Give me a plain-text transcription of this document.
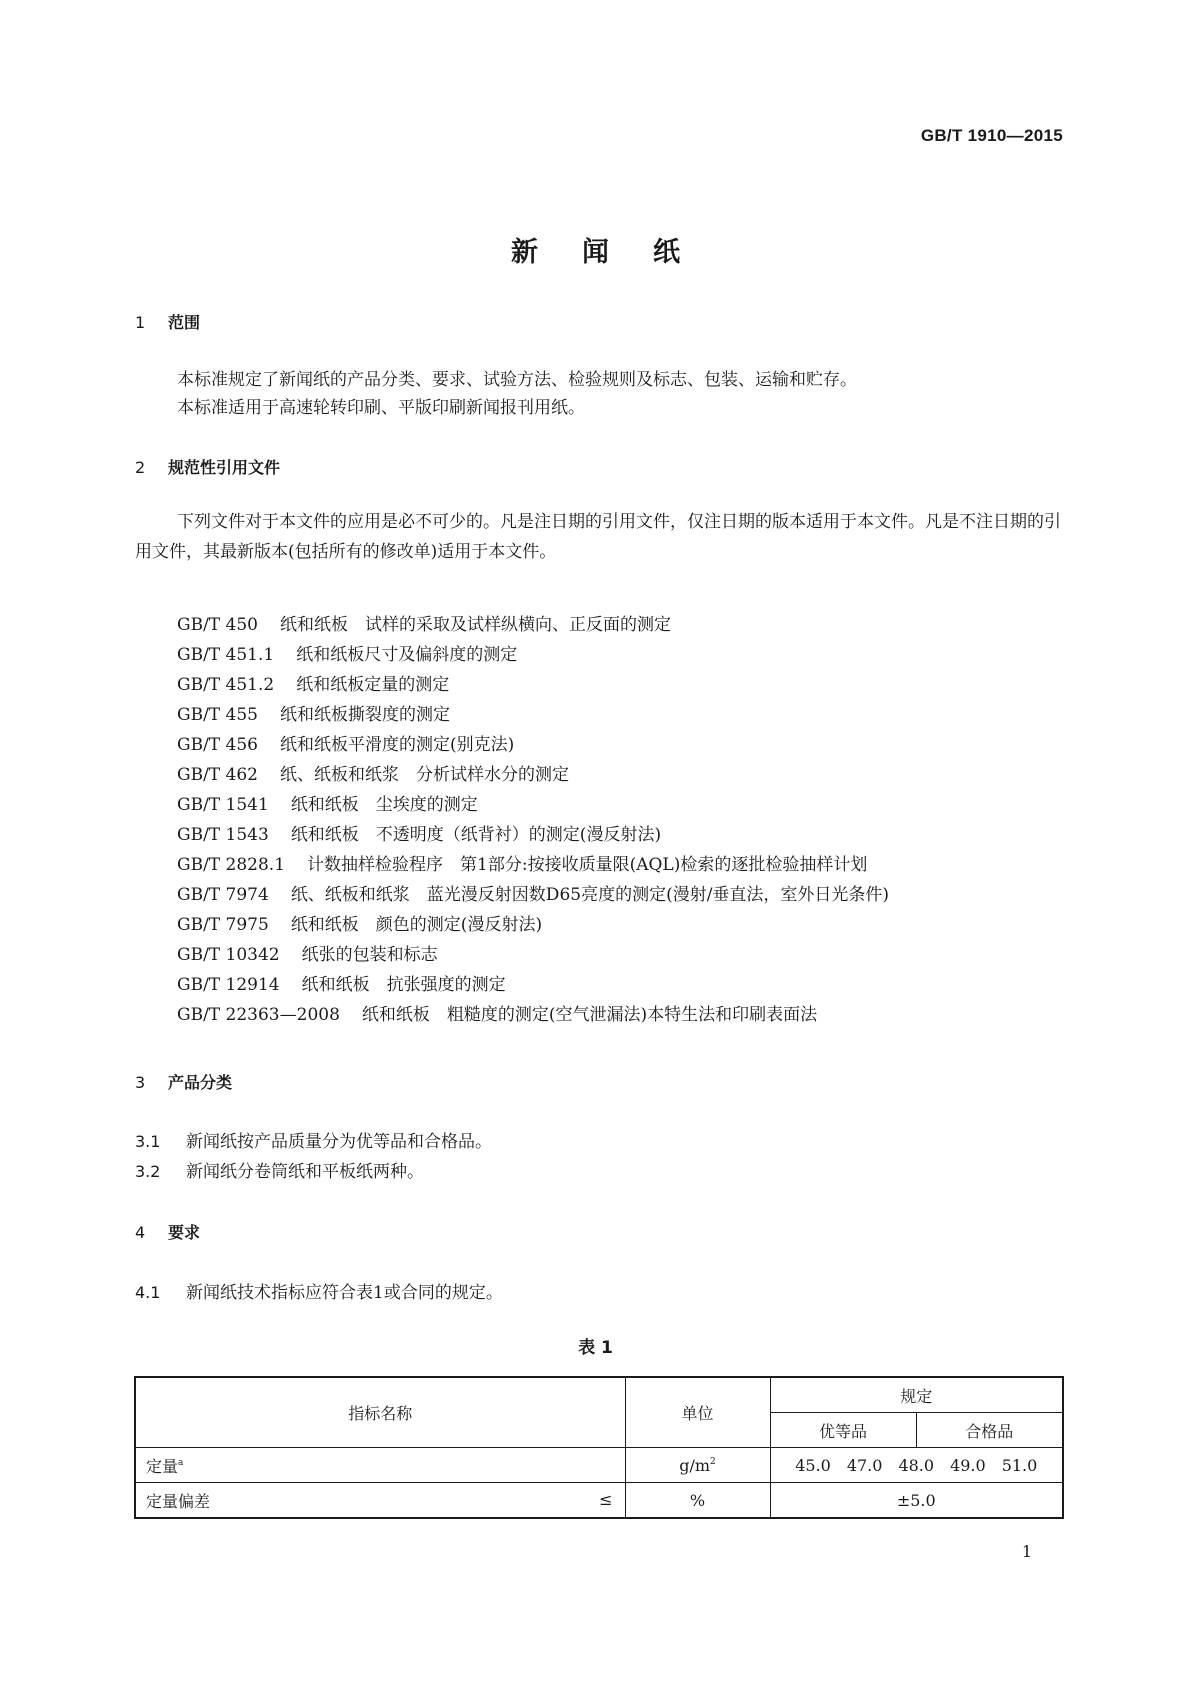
GB/T 1910—2015
新闻纸
1 范围
本标准规定了新闻纸的产品分类、要求、试验方法、检验规则及标志、包装、运输和贮存。
本标准适用于高速轮转印刷、平版印刷新闻报刊用纸。
2 规范性引用文件
下列文件对于本文件的应用是必不可少的。凡是注日期的引用文件，仅注日期的版本适用于本文件。凡是不注日期的引用文件，其最新版本(包括所有的修改单)适用于本文件。
GB/T 450 纸和纸板　试样的采取及试样纵横向、正反面的测定
GB/T 451.1 纸和纸板尺寸及偏斜度的测定
GB/T 451.2 纸和纸板定量的测定
GB/T 455 纸和纸板撕裂度的测定
GB/T 456 纸和纸板平滑度的测定(别克法)
GB/T 462 纸、纸板和纸浆　分析试样水分的测定
GB/T 1541 纸和纸板　尘埃度的测定
GB/T 1543 纸和纸板　不透明度（纸背衬）的测定(漫反射法)
GB/T 2828.1 计数抽样检验程序　第1部分:按接收质量限(AQL)检索的逐批检验抽样计划
GB/T 7974 纸、纸板和纸浆　蓝光漫反射因数D65亮度的测定(漫射/垂直法，室外日光条件)
GB/T 7975 纸和纸板　颜色的测定(漫反射法)
GB/T 10342 纸张的包装和标志
GB/T 12914 纸和纸板　抗张强度的测定
GB/T 22363—2008 纸和纸板　粗糙度的测定(空气泄漏法)本特生法和印刷表面法
3 产品分类
3.1 新闻纸按产品质量分为优等品和合格品。
3.2 新闻纸分卷筒纸和平板纸两种。
4 要求
4.1 新闻纸技术指标应符合表1或合同的规定。
表 1
指标名称	单位	规定	
		优等品	合格品
定量$^a$	$g/m^2$	45.0 47.0 48.0 49.0 51.0	
定量偏差 ≤	%	±5.0	
1
